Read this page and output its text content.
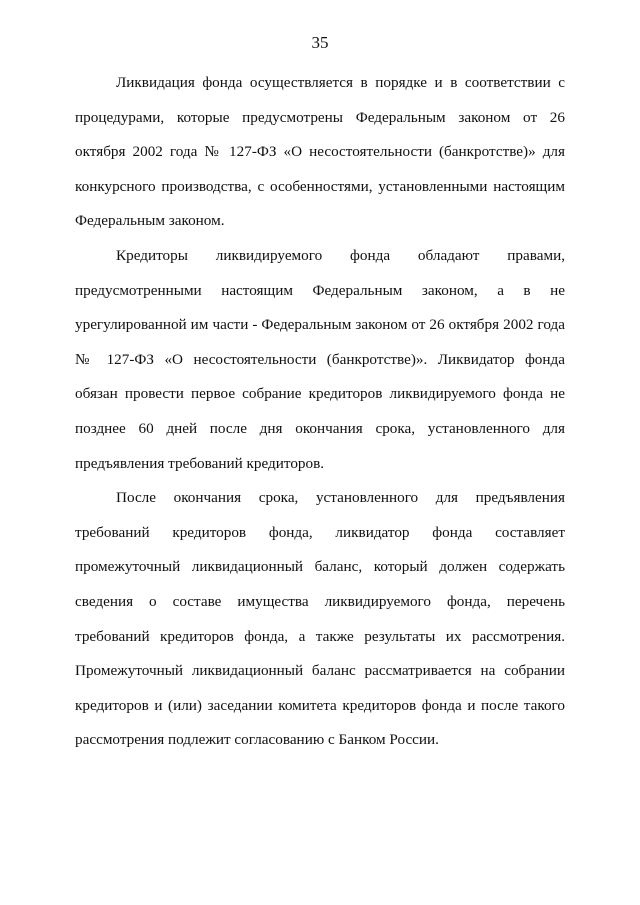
35

Ликвидация фонда осуществляется в порядке и в соответствии с процедурами, которые предусмотрены Федеральным законом от 26 октября 2002 года № 127-ФЗ «О несостоятельности (банкротстве)» для конкурсного производства, с особенностями, установленными настоящим Федеральным законом.

Кредиторы ликвидируемого фонда обладают правами, предусмотренными настоящим Федеральным законом, а в не урегулированной им части - Федеральным законом от 26 октября 2002 года № 127-ФЗ «О несостоятельности (банкротстве)». Ликвидатор фонда обязан провести первое собрание кредиторов ликвидируемого фонда не позднее 60 дней после дня окончания срока, установленного для предъявления требований кредиторов.

После окончания срока, установленного для предъявления требований кредиторов фонда, ликвидатор фонда составляет промежуточный ликвидационный баланс, который должен содержать сведения о составе имущества ликвидируемого фонда, перечень требований кредиторов фонда, а также результаты их рассмотрения. Промежуточный ликвидационный баланс рассматривается на собрании кредиторов и (или) заседании комитета кредиторов фонда и после такого рассмотрения подлежит согласованию с Банком России.
